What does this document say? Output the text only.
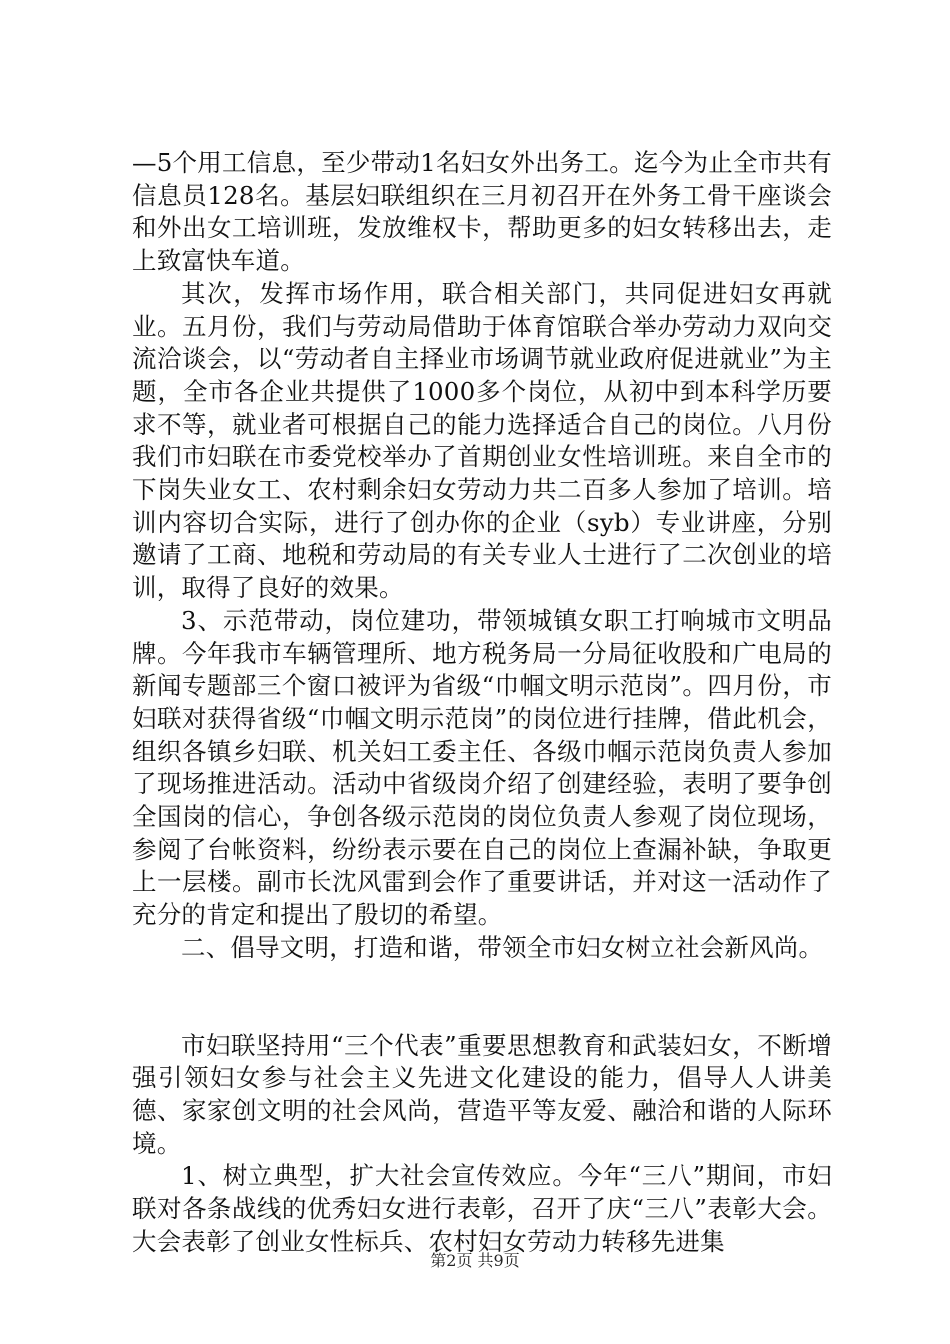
—5个用工信息，至少带动1名妇女外出务工。迄今为止全市共有信息员128名。基层妇联组织在三月初召开在外务工骨干座谈会和外出女工培训班，发放维权卡，帮助更多的妇女转移出去，走上致富快车道。

其次，发挥市场作用，联合相关部门，共同促进妇女再就业。五月份，我们与劳动局借助于体育馆联合举办劳动力双向交流洽谈会，以“劳动者自主择业市场调节就业政府促进就业”为主题，全市各企业共提供了1000多个岗位，从初中到本科学历要求不等，就业者可根据自己的能力选择适合自己的岗位。八月份我们市妇联在市委党校举办了首期创业女性培训班。来自全市的下岗失业女工、农村剩余妇女劳动力共二百多人参加了培训。培训内容切合实际，进行了创办你的企业（syb）专业讲座，分别邀请了工商、地税和劳动局的有关专业人士进行了二次创业的培训，取得了良好的效果。

3、示范带动，岗位建功，带领城镇女职工打响城市文明品牌。今年我市车辆管理所、地方税务局一分局征收股和广电局的新闻专题部三个窗口被评为省级“巾帼文明示范岗”。四月份，市妇联对获得省级“巾帼文明示范岗”的岗位进行挂牌，借此机会，组织各镇乡妇联、机关妇工委主任、各级巾帼示范岗负责人参加了现场推进活动。活动中省级岗介绍了创建经验，表明了要争创全国岗的信心，争创各级示范岗的岗位负责人参观了岗位现场，参阅了台帐资料，纷纷表示要在自己的岗位上查漏补缺，争取更上一层楼。副市长沈风雷到会作了重要讲话，并对这一活动作了充分的肯定和提出了殷切的希望。

二、倡导文明，打造和谐，带领全市妇女树立社会新风尚。

市妇联坚持用“三个代表”重要思想教育和武装妇女，不断增强引领妇女参与社会主义先进文化建设的能力，倡导人人讲美德、家家创文明的社会风尚，营造平等友爱、融洽和谐的人际环境。

1、树立典型，扩大社会宣传效应。今年“三八”期间，市妇联对各条战线的优秀妇女进行表彰，召开了庆“三八”表彰大会。大会表彰了创业女性标兵、农村妇女劳动力转移先进集

第2页 共9页
